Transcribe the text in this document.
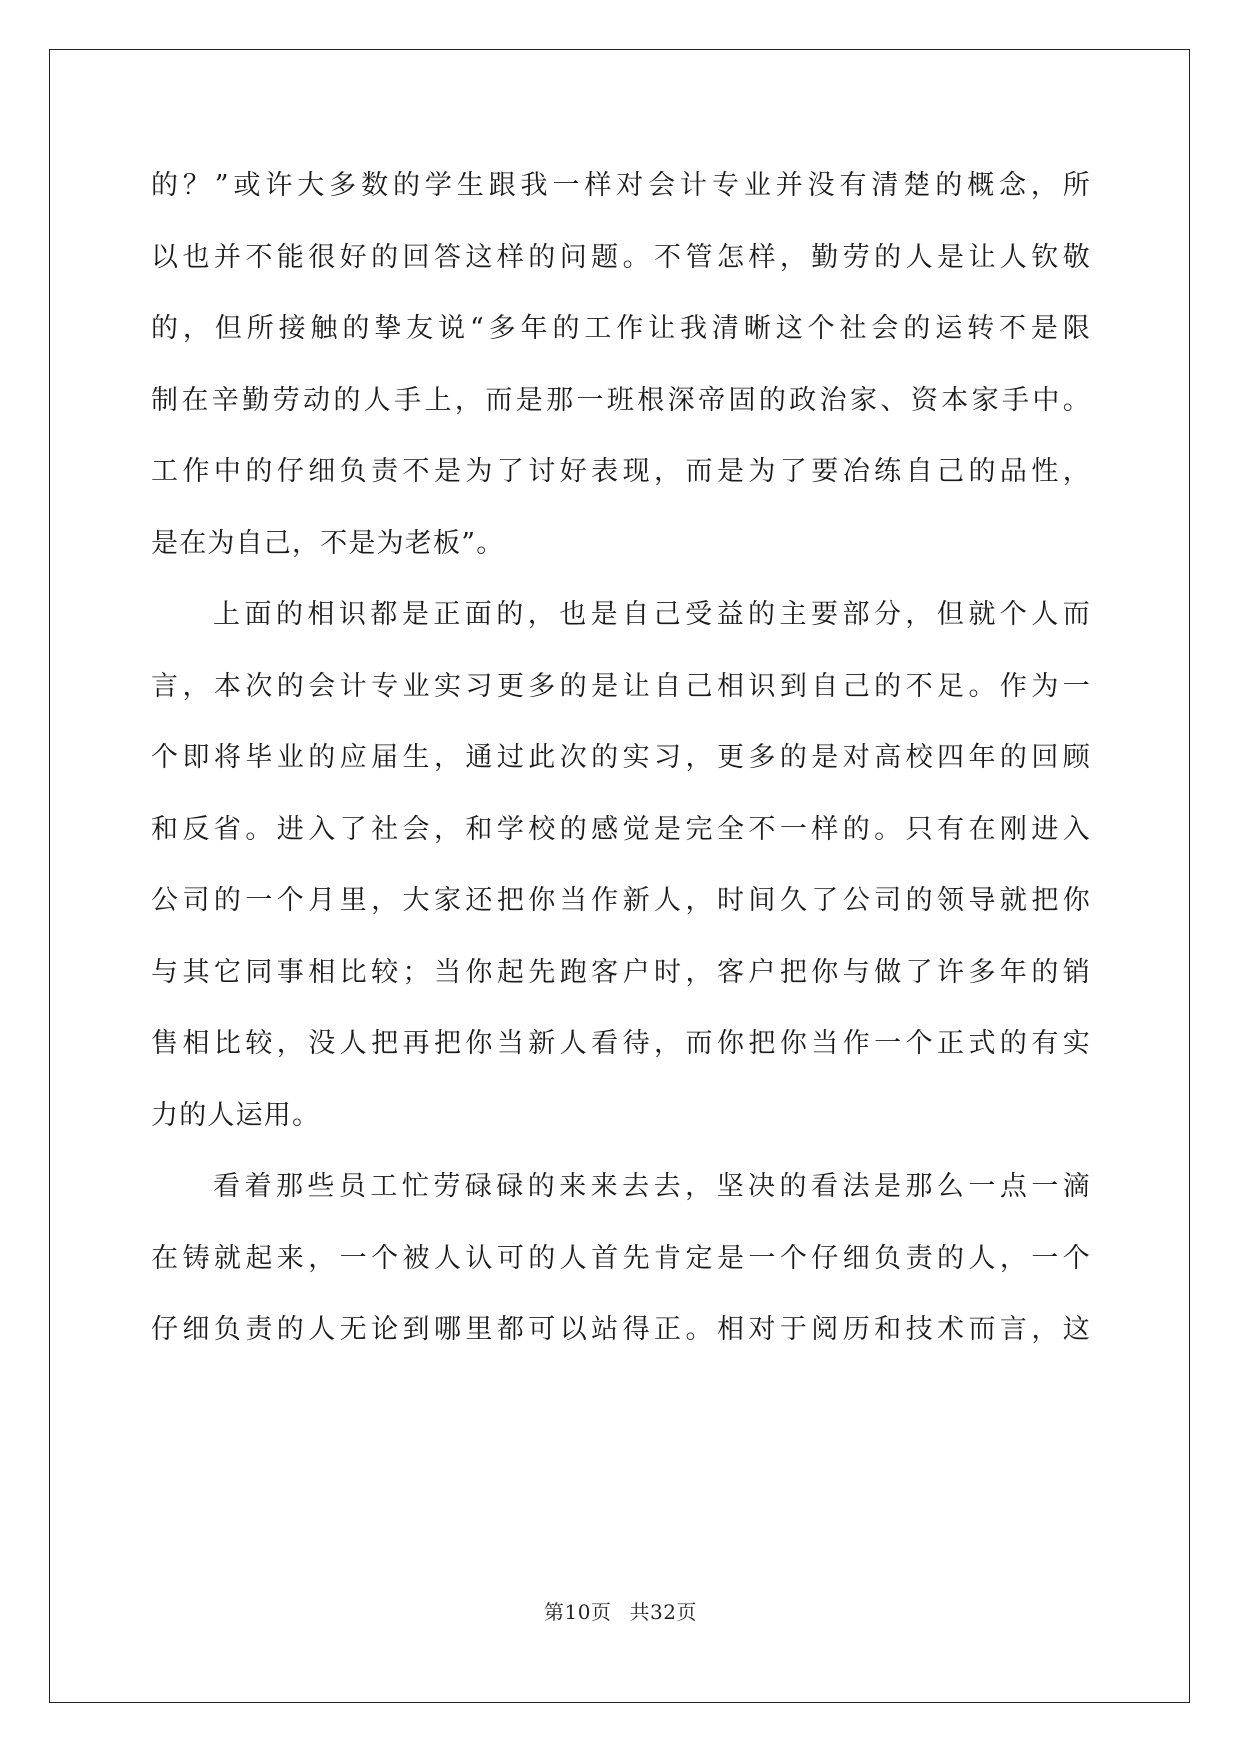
的？”或许大多数的学生跟我一样对会计专业并没有清楚的概念，所
以也并不能很好的回答这样的问题。不管怎样，勤劳的人是让人钦敬
的，但所接触的挚友说“多年的工作让我清晰这个社会的运转不是限
制在辛勤劳动的人手上，而是那一班根深帝固的政治家、资本家手中。
工作中的仔细负责不是为了讨好表现，而是为了要冶练自己的品性，
是在为自己，不是为老板”。
上面的相识都是正面的，也是自己受益的主要部分，但就个人而
言，本次的会计专业实习更多的是让自己相识到自己的不足。作为一
个即将毕业的应届生，通过此次的实习，更多的是对高校四年的回顾
和反省。进入了社会，和学校的感觉是完全不一样的。只有在刚进入
公司的一个月里，大家还把你当作新人，时间久了公司的领导就把你
与其它同事相比较；当你起先跑客户时，客户把你与做了许多年的销
售相比较，没人把再把你当新人看待，而你把你当作一个正式的有实
力的人运用。
看着那些员工忙劳碌碌的来来去去，坚决的看法是那么一点一滴
在铸就起来，一个被人认可的人首先肯定是一个仔细负责的人，一个
仔细负责的人无论到哪里都可以站得正。相对于阅历和技术而言，这
第10页 共32页
